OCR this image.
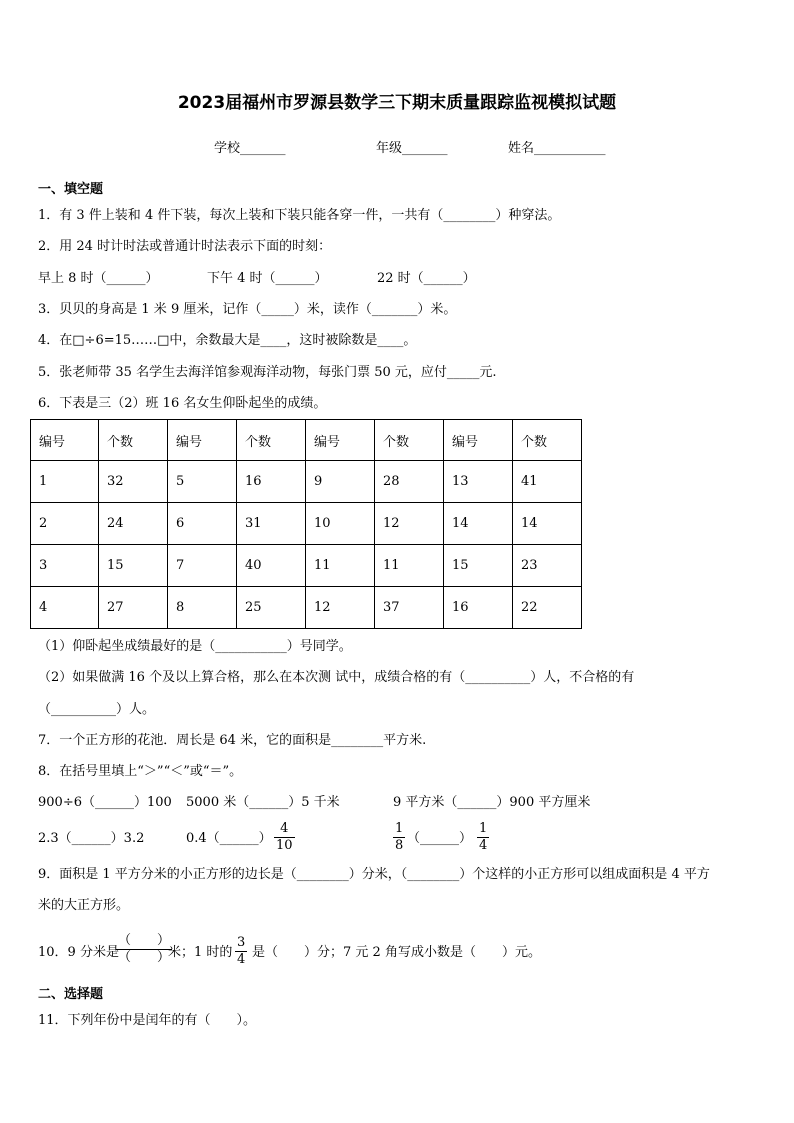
2023届福州市罗源县数学三下期末质量跟踪监视模拟试题
学校_______	年级_______	姓名___________
一、填空题
1．有 3 件上装和 4 件下装，每次上装和下装只能各穿一件，一共有（________）种穿法。
2．用 24 时计时法或普通计时法表示下面的时刻：
早上 8 时（______）	下午 4 时（______）	22 时（______）
3．贝贝的身高是 1 米 9 厘米，记作（_____）米，读作（_______）米。
4．在□÷6=15……□中，余数最大是____，这时被除数是____。
5．张老师带 35 名学生去海洋馆参观海洋动物，每张门票 50 元，应付_____元.
6．下表是三（2）班 16 名女生仰卧起坐的成绩。
编号	个数	编号	个数	编号	个数	编号	个数
1	32	5	16	9	28	13	41
2	24	6	31	10	12	14	14
3	15	7	40	11	11	15	23
4	27	8	25	12	37	16	22
（1）仰卧起坐成绩最好的是（___________）号同学。
（2）如果做满 16 个及以上算合格，那么在本次测 试中，成绩合格的有（__________）人，不合格的有
（__________）人。
7．一个正方形的花池．周长是 64 米，它的面积是________平方米.
8．在括号里填上“＞”“＜”或“＝”。
900÷6（______）100 5000 米（______）5 千米	9 平方米（______）900 平方厘米
2.3（______）3.2	0.4（______） $\frac{4}{10}$	$\frac{1}{8}$ （______） $\frac{1}{4}$
9．面积是 1 平方分米的小正方形的边长是（________）分米，（________）个这样的小正方形可以组成面积是 4 平方
米的大正方形。
10．9 分米是
（　　）
（　　）
米；1 时的 $\frac{3}{4}$ 是（　　）分；7 元 2 角写成小数是（　　）元。
二、选择题
11．下列年份中是闰年的有（　　）。
